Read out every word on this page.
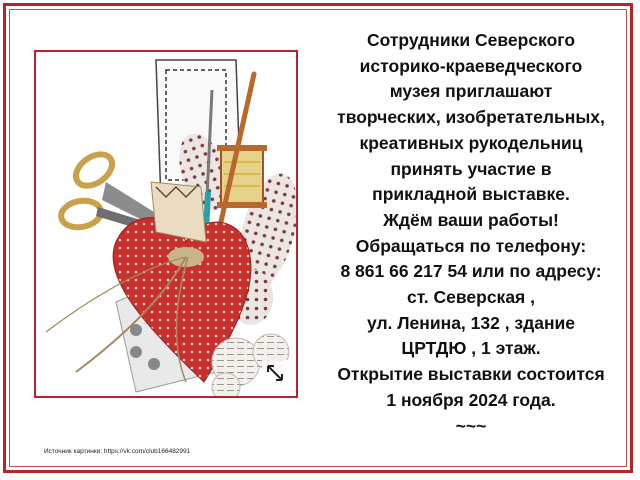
Сотрудники Северского
историко-краеведческого
музея приглашают
творческих, изобретательных,
креативных рукодельниц
принять участие в
прикладной выставке.
Ждём ваши работы!
Обращаться по телефону:
8 861 66 217 54 или по адресу:
ст. Северская ,
ул. Ленина, 132 , здание
ЦРТДЮ , 1 этаж.
Открытие выставки состоится
1 ноября 2024 года.
~~~
Источник картинки: https://vk.com/club166482991
